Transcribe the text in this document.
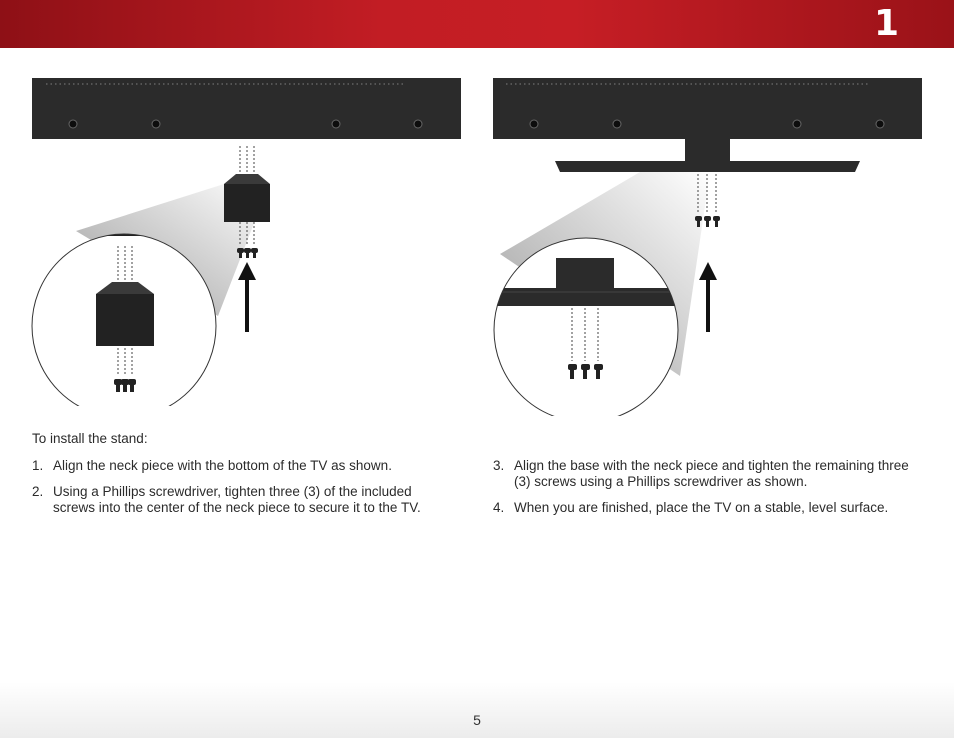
1

To install the stand:

1. Align the neck piece with the bottom of the TV as shown.
2. Using a Phillips screwdriver, tighten three (3) of the included screws into the center of the neck piece to secure it to the TV.
3. Align the base with the neck piece and tighten the remaining three (3) screws using a Phillips screwdriver as shown.
4. When you are finished, place the TV on a stable, level surface.
5
